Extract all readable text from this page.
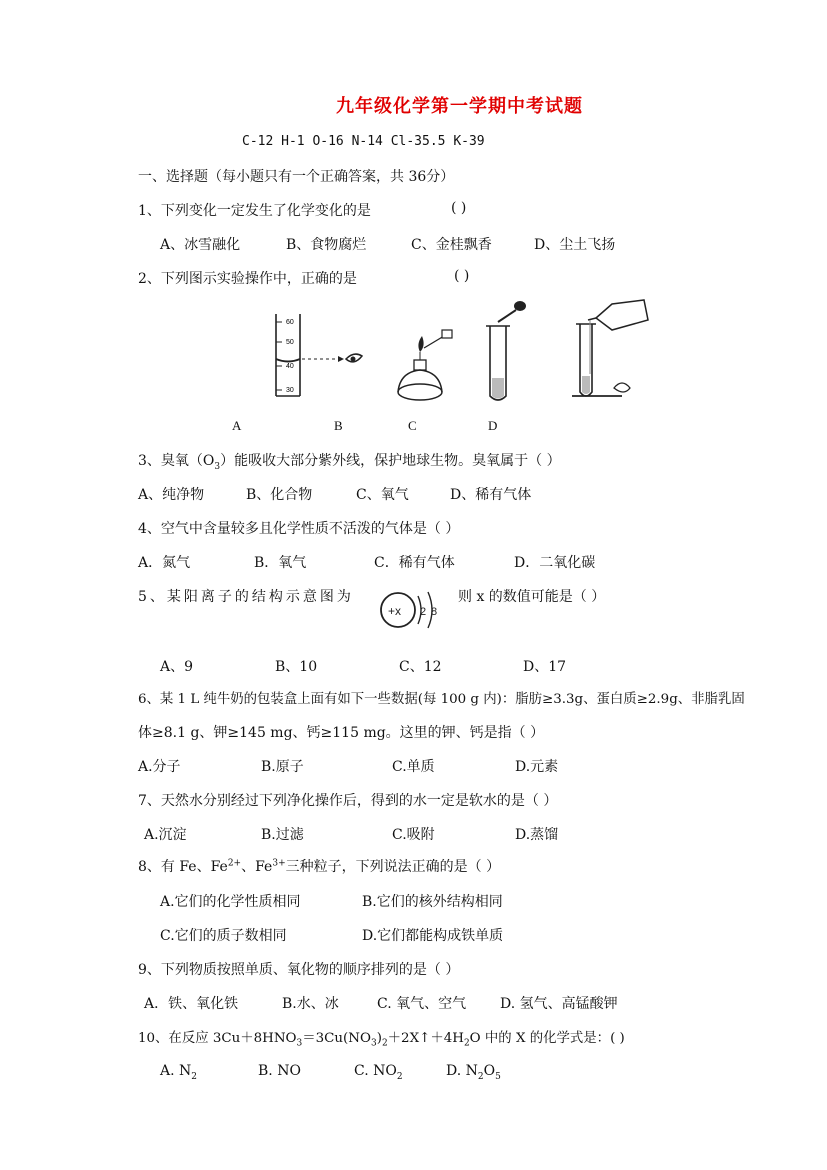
九年级化学第一学期中考试题
C-12 H-1 O-16 N-14 Cl-35.5 K-39
一、选择题（每小题只有一个正确答案，共 36分）
1、下列变化一定发生了化学变化的是	( )
A、冰雪融化	B、食物腐烂	C、金桂飘香	D、尘土飞扬
2、下列图示实验操作中，正确的是	( )
60
50
40
30
A	B	C	D
3、臭氧$(O_3)$能吸收大部分紫外线，保护地球生物。臭氧属于（ ）
A、纯净物	B、化合物	C、氧气	D、稀有气体
4、空气中含量较多且化学性质不活泼的气体是（ ）
A．氮气	B．氧气	C．稀有气体	D．二氧化碳
5、某阳离子的结构示意图为
+x 2 8
则 x 的数值可能是（ ）
A、9	B、10	C、12	D、17
6、某 1 L 纯牛奶的包装盒上面有如下一些数据(每 100 g 内)：脂肪≥3.3g、蛋白质≥2.9g、非脂乳固
体≥8.1 g、钾≥145 mg、钙≥115 mg。这里的钾、钙是指（ ）
A.分子	B.原子	C.单质	D.元素
7、天然水分别经过下列净化操作后，得到的水一定是软水的是（ ）
A.沉淀	B.过滤	C.吸附	D.蒸馏
8、有 Fe、$Fe^{2+}$、$Fe^{3+}$三种粒子，下列说法正确的是（ ）
A.它们的化学性质相同	B.它们的核外结构相同
C.它们的质子数相同	D.它们都能构成铁单质
9、下列物质按照单质、氧化物的顺序排列的是（ ）
A．铁、氧化铁	B.水、冰	C. 氧气、空气 D. 氢气、高锰酸钾
10、在反应 $3Cu+8HNO_3=3Cu(NO_3)_2+2X↑+4H_2O$ 中的 X 的化学式是：( )
A. $N_2$	B. NO	C. $NO_2$	D. $N_2O_5$
